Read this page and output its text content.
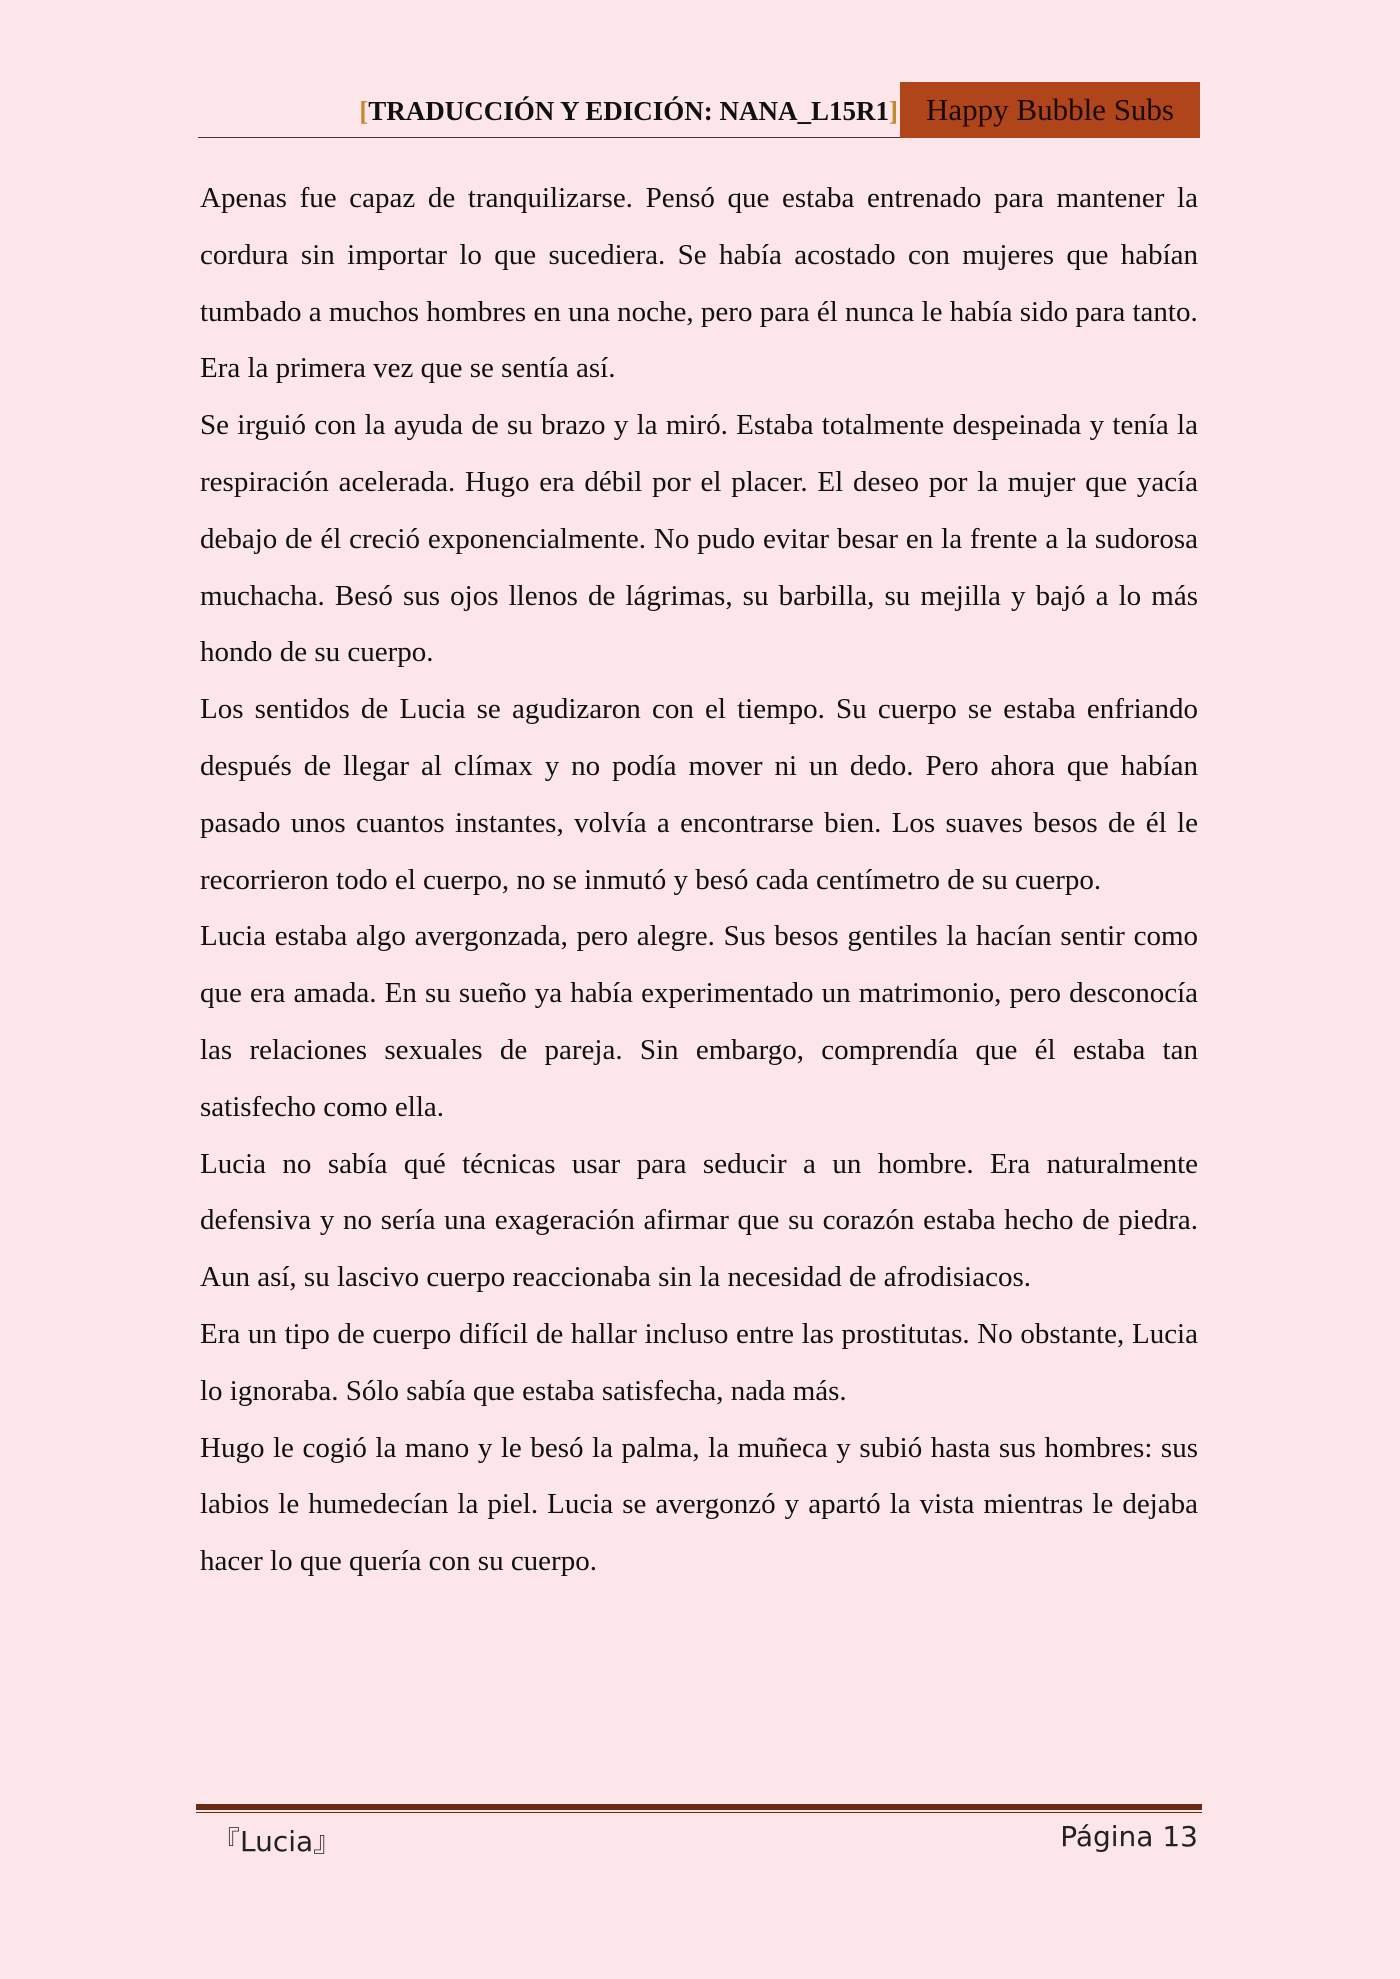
[TRADUCCIÓN Y EDICIÓN: NANA_L15R1] Happy Bubble Subs

Apenas fue capaz de tranquilizarse. Pensó que estaba entrenado para mantener la cordura sin importar lo que sucediera. Se había acostado con mujeres que habían tumbado a muchos hombres en una noche, pero para él nunca le había sido para tanto.

Era la primera vez que se sentía así.

Se irguió con la ayuda de su brazo y la miró. Estaba totalmente despeinada y tenía la respiración acelerada. Hugo era débil por el placer. El deseo por la mujer que yacía debajo de él creció exponencialmente. No pudo evitar besar en la frente a la sudorosa muchacha. Besó sus ojos llenos de lágrimas, su barbilla, su mejilla y bajó a lo más hondo de su cuerpo.

Los sentidos de Lucia se agudizaron con el tiempo. Su cuerpo se estaba enfriando después de llegar al clímax y no podía mover ni un dedo. Pero ahora que habían pasado unos cuantos instantes, volvía a encontrarse bien. Los suaves besos de él le recorrieron todo el cuerpo, no se inmutó y besó cada centímetro de su cuerpo.

Lucia estaba algo avergonzada, pero alegre. Sus besos gentiles la hacían sentir como que era amada. En su sueño ya había experimentado un matrimonio, pero desconocía las relaciones sexuales de pareja. Sin embargo, comprendía que él estaba tan satisfecho como ella.

Lucia no sabía qué técnicas usar para seducir a un hombre. Era naturalmente defensiva y no sería una exageración afirmar que su corazón estaba hecho de piedra. Aun así, su lascivo cuerpo reaccionaba sin la necesidad de afrodisiacos.

Era un tipo de cuerpo difícil de hallar incluso entre las prostitutas. No obstante, Lucia lo ignoraba. Sólo sabía que estaba satisfecha, nada más.

Hugo le cogió la mano y le besó la palma, la muñeca y subió hasta sus hombres: sus labios le humedecían la piel. Lucia se avergonzó y apartó la vista mientras le dejaba hacer lo que quería con su cuerpo.

『Lucia』	Página 13
